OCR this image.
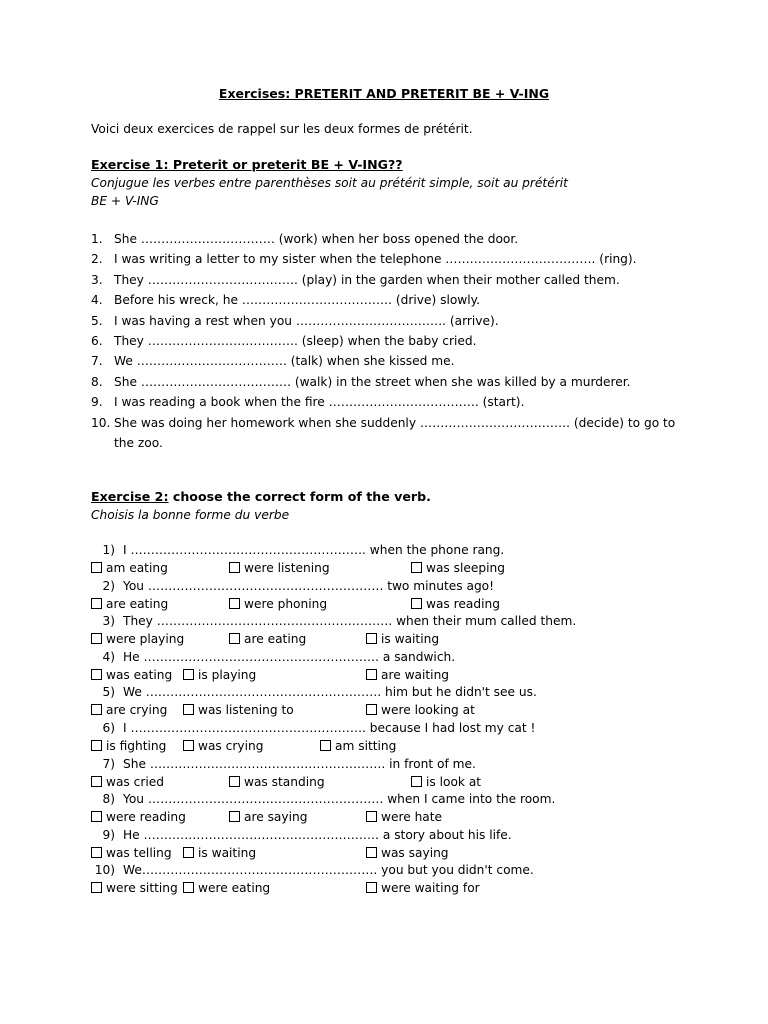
Exercises: PRETERIT AND PRETERIT BE + V-ING
Voici deux exercices de rappel sur les deux formes de prétérit.
Exercise 1: Preterit or preterit BE + V-ING??
Conjugue les verbes entre parenthèses soit au prétérit simple, soit au prétérit
BE + V-ING
1. She …………………………… (work) when her boss opened the door.
2. I was writing a letter to my sister when the telephone ………………………………. (ring).
3. They ………………………………. (play) in the garden when their mother called them.
4. Before his wreck, he ………………………………. (drive) slowly.
5. I was having a rest when you ………………………………. (arrive).
6. They ………………………………. (sleep) when the baby cried.
7. We ………………………………. (talk) when she kissed me.
8. She ………………………………. (walk) in the street when she was killed by a murderer.
9. I was reading a book when the fire ………………………………. (start).
10. She was doing her homework when she suddenly ………………………………. (decide) to go to
the zoo.
Exercise 2: choose the correct form of the verb.
Choisis la bonne forme du verbe
1) I …………………………………………………. when the phone rang.
am eating	were listening	was sleeping
2) You …………………………………………………. two minutes ago!
are eating	were phoning	was reading
3) They …………………………………………………. when their mum called them.
were playing	are eating	is waiting
4) He …………………………………………………. a sandwich.
was eating	is playing	are waiting
5) We …………………………………………………. him but he didn't see us.
are crying	was listening to	were looking at
6) I …………………………………………………. because I had lost my cat !
is fighting	was crying	am sitting
7) She …………………………………………………. in front of me.
was cried	was standing	is look at
8) You …………………………………………………. when I came into the room.
were reading	are saying	were hate
9) He …………………………………………………. a story about his life.
was telling	is waiting	was saying
10) We…………………………………………………. you but you didn't come.
were sitting	were eating	were waiting for
